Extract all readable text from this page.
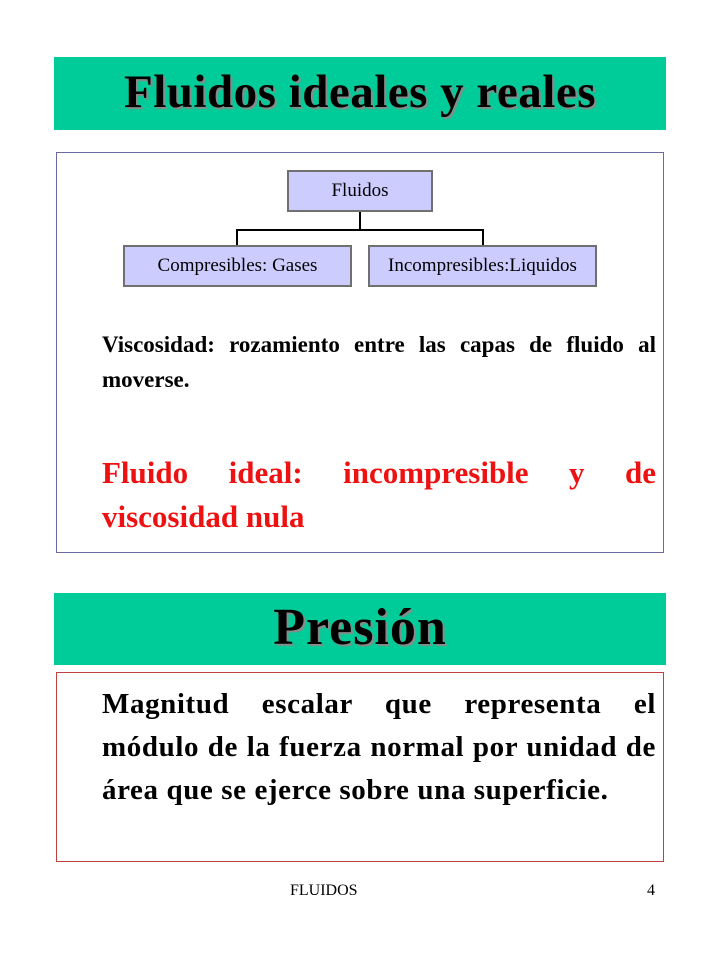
Fluidos ideales y reales
Fluidos
Compresibles: Gases	Incompresibles:Liquidos
Viscosidad: rozamiento entre las capas de fluido al moverse.
Fluido ideal: incompresible y de viscosidad nula
Presión
Magnitud escalar que representa el módulo de la fuerza normal por unidad de área que se ejerce sobre una superficie.
FLUIDOS	4
